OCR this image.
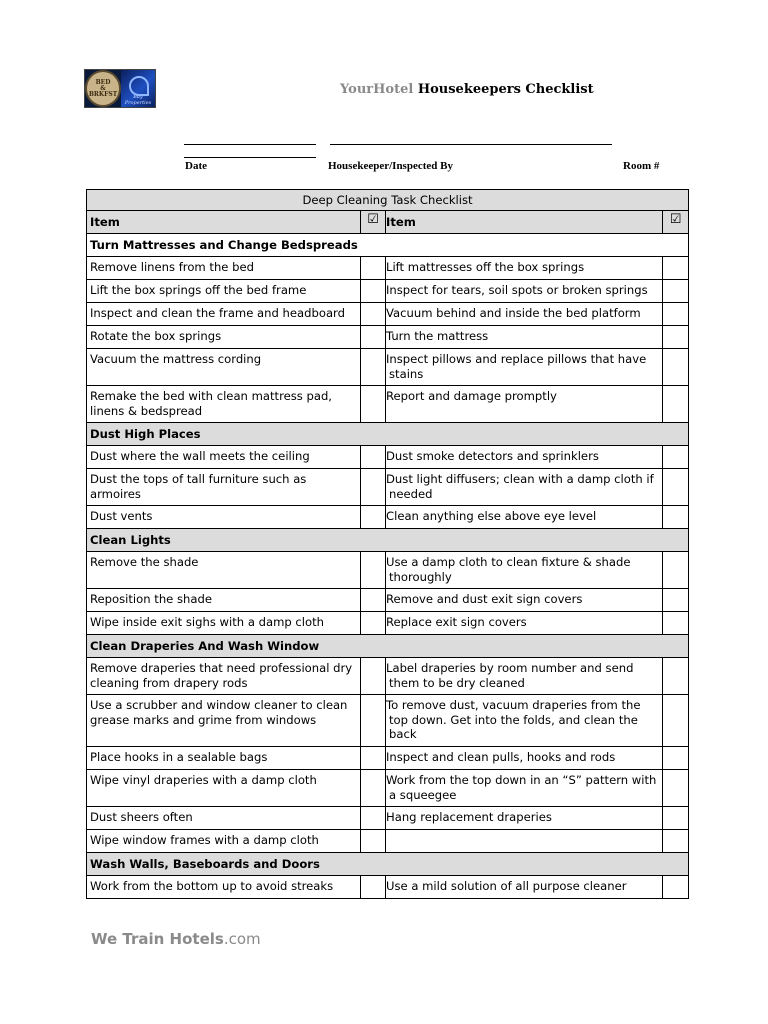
BED
&
BRKFST	Bay Properties
YourHotel Housekeepers Checklist
Date	Housekeeper/Inspected By	Room #
Deep Cleaning Task Checklist			
Item	☑	Item	☑
Turn Mattresses and Change Bedspreads			
Remove linens from the bed		Lift mattresses off the box springs	
Lift the box springs off the bed frame		Inspect for tears, soil spots or broken springs	
Inspect and clean the frame and headboard		Vacuum behind and inside the bed platform	
Rotate the box springs		Turn the mattress	
Vacuum the mattress cording		Inspect pillows and replace pillows that have stains	
Remake the bed with clean mattress pad, linens & bedspread		Report and damage promptly	
Dust High Places			
Dust where the wall meets the ceiling		Dust smoke detectors and sprinklers	
Dust the tops of tall furniture such as armoires		Dust light diffusers; clean with a damp cloth if needed	
Dust vents		Clean anything else above eye level	
Clean Lights			
Remove the shade		Use a damp cloth to clean fixture & shade thoroughly	
Reposition the shade		Remove and dust exit sign covers	
Wipe inside exit sighs with a damp cloth		Replace exit sign covers	
Clean Draperies And Wash Window			
Remove draperies that need professional dry cleaning from drapery rods		Label draperies by room number and send them to be dry cleaned	
Use a scrubber and window cleaner to clean grease marks and grime from windows		To remove dust, vacuum draperies from the top down. Get into the folds, and clean the back	
Place hooks in a sealable bags		Inspect and clean pulls, hooks and rods	
Wipe vinyl draperies with a damp cloth		Work from the top down in an “S” pattern with a squeegee	
Dust sheers often		Hang replacement draperies	
Wipe window frames with a damp cloth			
Wash Walls, Baseboards and Doors			
Work from the bottom up to avoid streaks		Use a mild solution of all purpose cleaner	
We Train Hotels.com
